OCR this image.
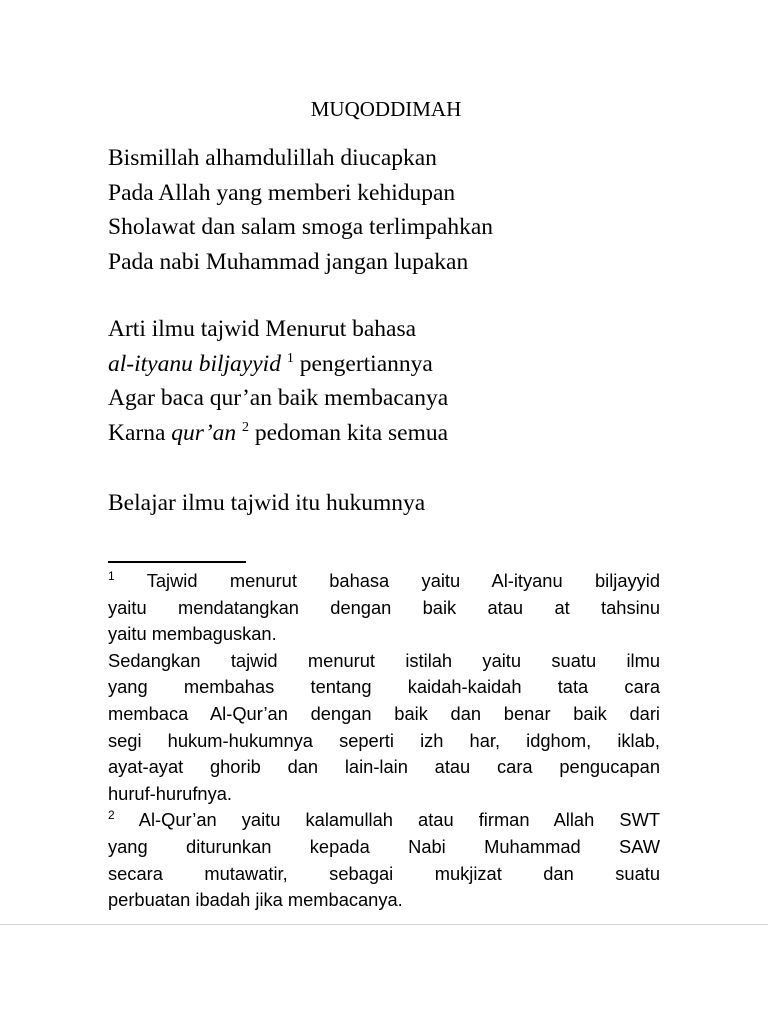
MUQODDIMAH
Bismillah alhamdulillah diucapkan
Pada Allah yang memberi kehidupan
Sholawat dan salam smoga terlimpahkan
Pada nabi Muhammad jangan lupakan
Arti ilmu tajwid Menurut bahasa
al-ityanu biljayyid $^1$ pengertiannya
Agar baca qur’an baik membacanya
Karna qur’an $^2$ pedoman kita semua
Belajar ilmu tajwid itu hukumnya
$^1$ Tajwid menurut bahasa yaitu Al-ityanu biljayyid
yaitu mendatangkan dengan baik atau at tahsinu
yaitu membaguskan.
Sedangkan tajwid menurut istilah yaitu suatu ilmu
yang membahas tentang kaidah-kaidah tata cara
membaca Al-Qur’an dengan baik dan benar baik dari
segi hukum-hukumnya seperti izh har, idghom, iklab,
ayat-ayat ghorib dan lain-lain atau cara pengucapan
huruf-hurufnya.
$^2$ Al-Qur’an yaitu kalamullah atau firman Allah SWT
yang diturunkan kepada Nabi Muhammad SAW
secara mutawatir, sebagai mukjizat dan suatu
perbuatan ibadah jika membacanya.
